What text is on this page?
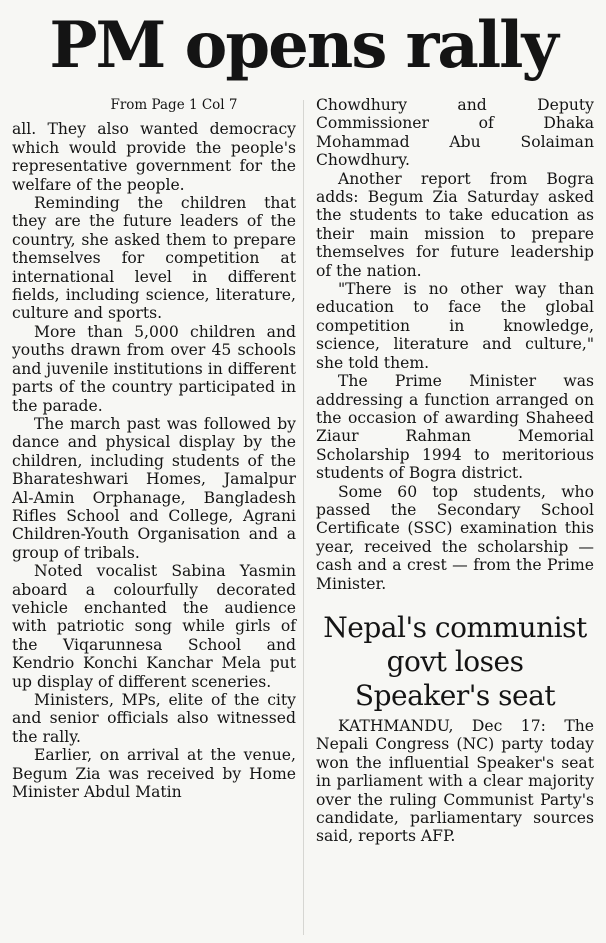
PM opens rally

From Page 1 Col 7

all. They also wanted democracy which would provide the people's representative government for the welfare of the people.

Reminding the children that they are the future leaders of the country, she asked them to prepare themselves for competition at international level in different fields, including science, literature, culture and sports.

More than 5,000 children and youths drawn from over 45 schools and juvenile institutions in different parts of the country participated in the parade.

The march past was followed by dance and physical display by the children, including students of the Bharateshwari Homes, Jamalpur Al-Amin Orphanage, Bangladesh Rifles School and College, Agrani Children-Youth Organisation and a group of tribals.

Noted vocalist Sabina Yasmin aboard a colourfully decorated vehicle enchanted the audience with patriotic song while girls of the Viqarunnesa School and Kendrio Konchi Kanchar Mela put up display of different sceneries.

Ministers, MPs, elite of the city and senior officials also witnessed the rally.

Earlier, on arrival at the venue, Begum Zia was received by Home Minister Abdul Matin

Chowdhury and Deputy Commissioner of Dhaka Mohammad Abu Solaiman Chowdhury.

Another report from Bogra adds: Begum Zia Saturday asked the students to take education as their main mission to prepare themselves for future leadership of the nation.

"There is no other way than education to face the global competition in knowledge, science, literature and culture," she told them.

The Prime Minister was addressing a function arranged on the occasion of awarding Shaheed Ziaur Rahman Memorial Scholarship 1994 to meritorious students of Bogra district.

Some 60 top students, who passed the Secondary School Certificate (SSC) examination this year, received the scholarship — cash and a crest — from the Prime Minister.

Nepal's communist govt loses Speaker's seat

KATHMANDU, Dec 17: The Nepali Congress (NC) party today won the influential Speaker's seat in parliament with a clear majority over the ruling Communist Party's candidate, parliamentary sources said, reports AFP.
